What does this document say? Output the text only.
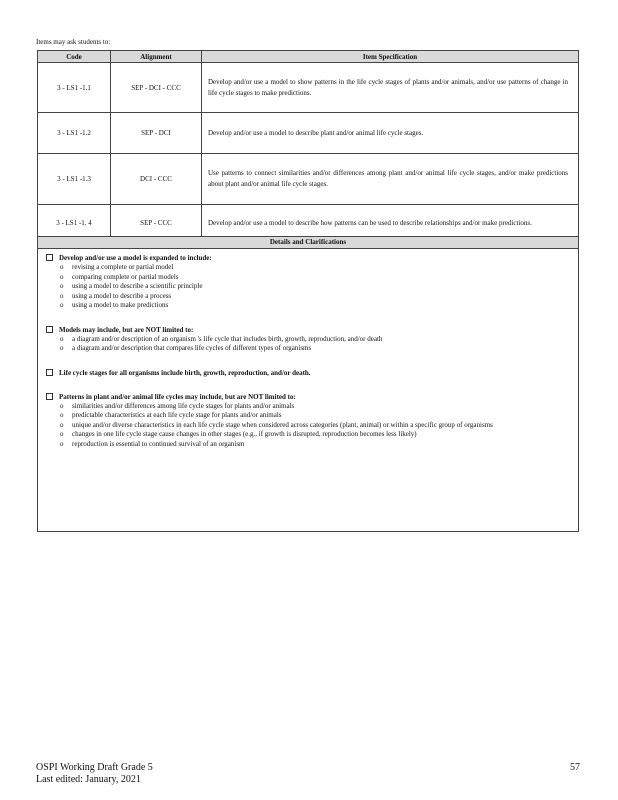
Items may ask students to:
Code	Alignment	Item Specification
3 - LS1 -1.1	SEP - DCI - CCC	Develop and/or use a model to show patterns in the life cycle stages of plants and/or animals, and/or use patterns of change in life cycle stages to make predictions.
3 - LS1 -1.2	SEP - DCI	Develop and/or use a model to describe plant and/or animal life cycle stages.
3 - LS1 -1.3	DCI - CCC	Use patterns to connect similarities and/or differences among plant and/or animal life cycle stages, and/or make predictions about plant and/or animal life cycle stages.
3 - LS1 -1. 4	SEP - CCC	Develop and/or use a model to describe how patterns can be used to describe relationships and/or make predictions.
Details and Clarifications
Develop and/or use a model is expanded to include:
o revising a complete or partial model
o comparing complete or partial models
o using a model to describe a scientific principle
o using a model to describe a process
o using a model to make predictions
Models may include, but are NOT limited to:
o a diagram and/or description of an organism 's life cycle that includes birth, growth, reproduction, and/or death
o a diagram and/or description that compares life cycles of different types of organisms
Life cycle stages for all organisms include birth, growth, reproduction, and/or death.
Patterns in plant and/or animal life cycles may include, but are NOT limited to:
o similarities and/or differences among life cycle stages for plants and/or animals
o predictable characteristics at each life cycle stage for plants and/or animals
o unique and/or diverse characteristics in each life cycle stage when considered across categories (plant, animal) or within a specific group of organisms
o changes in one life cycle stage cause changes in other stages (e.g., if growth is disrupted, reproduction becomes less likely)
o reproduction is essential to continued survival of an organism
OSPI Working Draft Grade 5
Last edited: January, 2021
57
